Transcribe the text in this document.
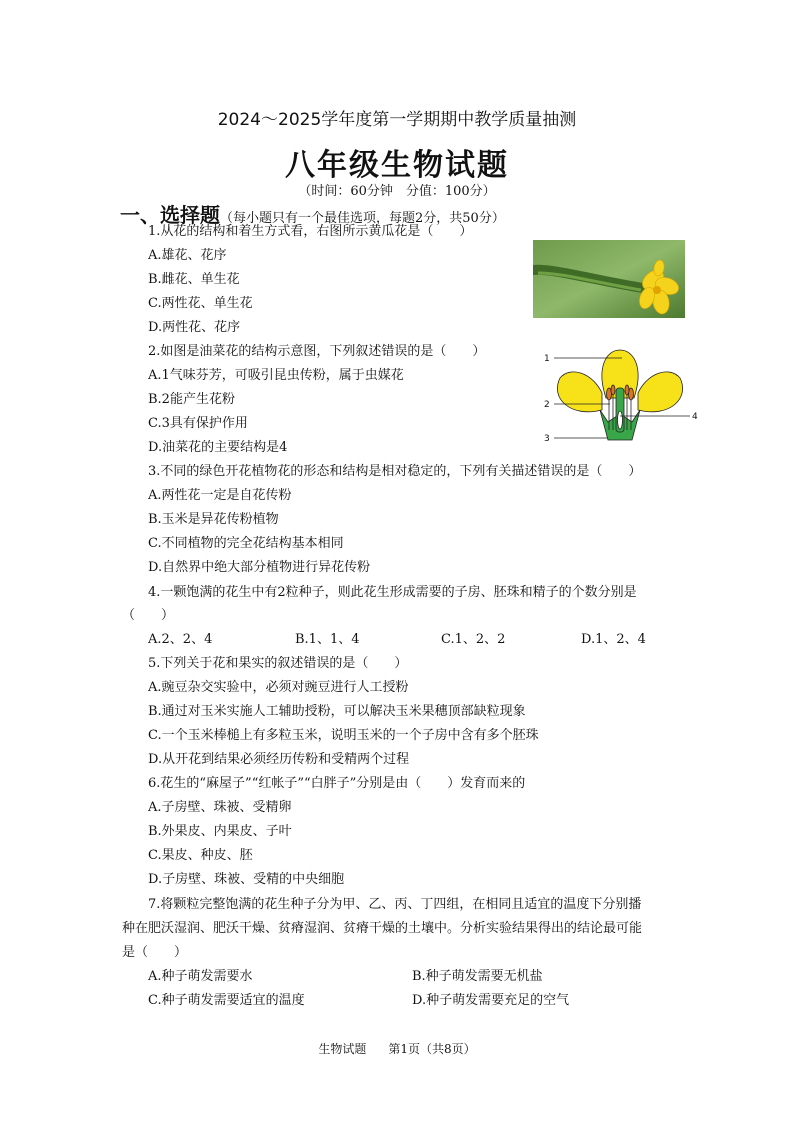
2024～2025学年度第一学期期中教学质量抽测
八年级生物试题
（时间：60分钟　分值：100分）
一、选择题（每小题只有一个最佳选项，每题2分，共50分）
1.从花的结构和着生方式看，右图所示黄瓜花是（　　）
A.雄花、花序
B.雌花、单生花
C.两性花、单生花
D.两性花、花序
2.如图是油菜花的结构示意图，下列叙述错误的是（　　）
A.1气味芬芳，可吸引昆虫传粉，属于虫媒花
B.2能产生花粉
C.3具有保护作用
D.油菜花的主要结构是4
1
2
3
4
3.不同的绿色开花植物花的形态和结构是相对稳定的，下列有关描述错误的是（　　）
A.两性花一定是自花传粉
B.玉米是异花传粉植物
C.不同植物的完全花结构基本相同
D.自然界中绝大部分植物进行异花传粉
4.一颗饱满的花生中有2粒种子，则此花生形成需要的子房、胚珠和精子的个数分别是
（　　）
A.2、2、4	B.1、1、4	C.1、2、2	D.1、2、4
5.下列关于花和果实的叙述错误的是（　　）
A.豌豆杂交实验中，必须对豌豆进行人工授粉
B.通过对玉米实施人工辅助授粉，可以解决玉米果穗顶部缺粒现象
C.一个玉米棒槌上有多粒玉米，说明玉米的一个子房中含有多个胚珠
D.从开花到结果必须经历传粉和受精两个过程
6.花生的“麻屋子”“红帐子”“白胖子”分别是由（　　）发育而来的
A.子房壁、珠被、受精卵
B.外果皮、内果皮、子叶
C.果皮、种皮、胚
D.子房壁、珠被、受精的中央细胞
7.将颗粒完整饱满的花生种子分为甲、乙、丙、丁四组，在相同且适宜的温度下分别播
种在肥沃湿润、肥沃干燥、贫瘠湿润、贫瘠干燥的土壤中。分析实验结果得出的结论最可能
是（　　）
A.种子萌发需要水	B.种子萌发需要无机盐
C.种子萌发需要适宜的温度	D.种子萌发需要充足的空气
生物试题 第1页（共8页）
